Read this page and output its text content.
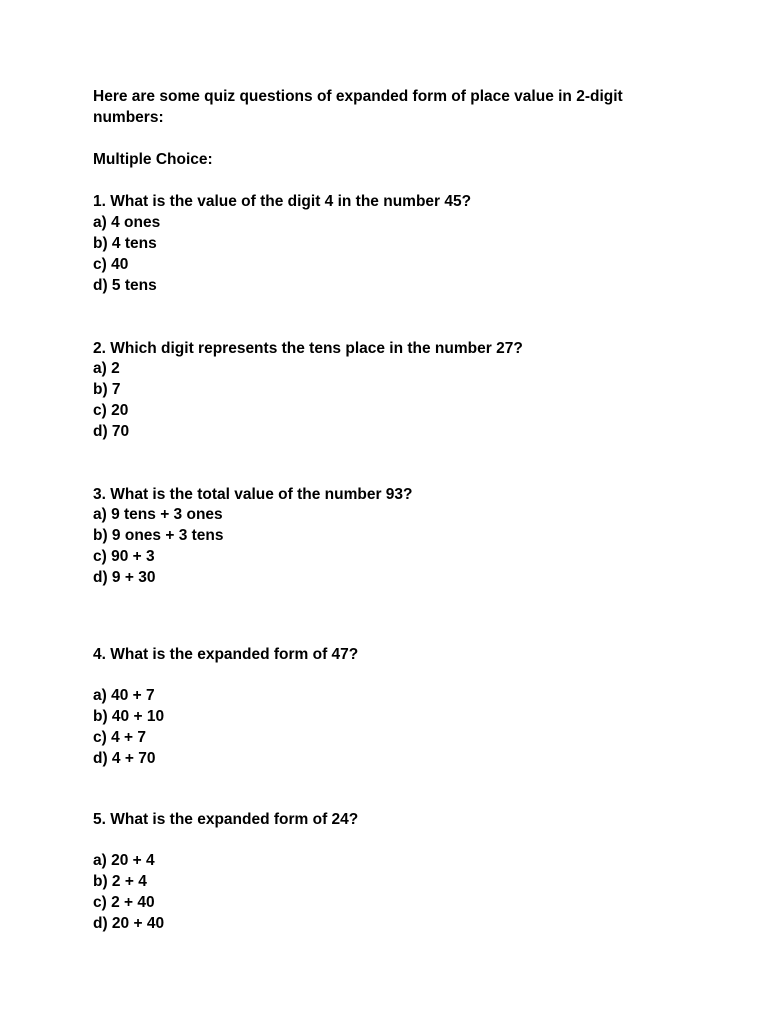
Here are some quiz questions of expanded form of place value in 2-digit
numbers:
Multiple Choice:
1. What is the value of the digit 4 in the number 45?
a) 4 ones
b) 4 tens
c) 40
d) 5 tens
2. Which digit represents the tens place in the number 27?
a) 2
b) 7
c) 20
d) 70
3. What is the total value of the number 93?
a) 9 tens + 3 ones
b) 9 ones + 3 tens
c) 90 + 3
d) 9 + 30
4. What is the expanded form of 47?
a) 40 + 7
b) 40 + 10
c) 4 + 7
d) 4 + 70
5. What is the expanded form of 24?
a) 20 + 4
b) 2 + 4
c) 2 + 40
d) 20 + 40
